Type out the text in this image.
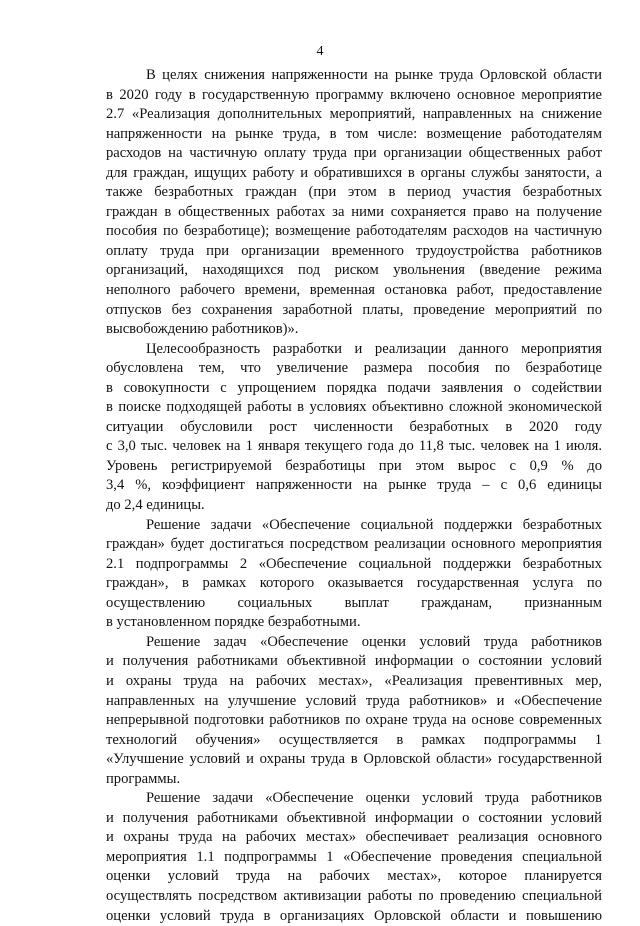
4
В целях снижения напряженности на рынке труда Орловской области
в 2020 году в государственную программу включено основное мероприятие
2.7 «Реализация дополнительных мероприятий, направленных на снижение
напряженности на рынке труда, в том числе: возмещение работодателям
расходов на частичную оплату труда при организации общественных работ
для граждан, ищущих работу и обратившихся в органы службы занятости, а
также безработных граждан (при этом в период участия безработных
граждан в общественных работах за ними сохраняется право на получение
пособия по безработице); возмещение работодателям расходов на частичную
оплату труда при организации временного трудоустройства работников
организаций, находящихся под риском увольнения (введение режима
неполного рабочего времени, временная остановка работ, предоставление
отпусков без сохранения заработной платы, проведение мероприятий по
высвобождению работников)».
Целесообразность разработки и реализации данного мероприятия
обусловлена тем, что увеличение размера пособия по безработице
в совокупности с упрощением порядка подачи заявления о содействии
в поиске подходящей работы в условиях объективно сложной экономической
ситуации обусловили рост численности безработных в 2020 году
с 3,0 тыс. человек на 1 января текущего года до 11,8 тыс. человек на 1 июля.
Уровень регистрируемой безработицы при этом вырос с 0,9 % до
3,4 %, коэффициент напряженности на рынке труда – с 0,6 единицы
до 2,4 единицы.
Решение задачи «Обеспечение социальной поддержки безработных
граждан» будет достигаться посредством реализации основного мероприятия
2.1 подпрограммы 2 «Обеспечение социальной поддержки безработных
граждан», в рамках которого оказывается государственная услуга по
осуществлению социальных выплат гражданам, признанным
в установленном порядке безработными.
Решение задач «Обеспечение оценки условий труда работников
и получения работниками объективной информации о состоянии условий
и охраны труда на рабочих местах», «Реализация превентивных мер,
направленных на улучшение условий труда работников» и «Обеспечение
непрерывной подготовки работников по охране труда на основе современных
технологий обучения» осуществляется в рамках подпрограммы 1
«Улучшение условий и охраны труда в Орловской области» государственной
программы.
Решение задачи «Обеспечение оценки условий труда работников
и получения работниками объективной информации о состоянии условий
и охраны труда на рабочих местах» обеспечивает реализация основного
мероприятия 1.1 подпрограммы 1 «Обеспечение проведения специальной
оценки условий труда на рабочих местах», которое планируется
осуществлять посредством активизации работы по проведению специальной
оценки условий труда в организациях Орловской области и повышению
